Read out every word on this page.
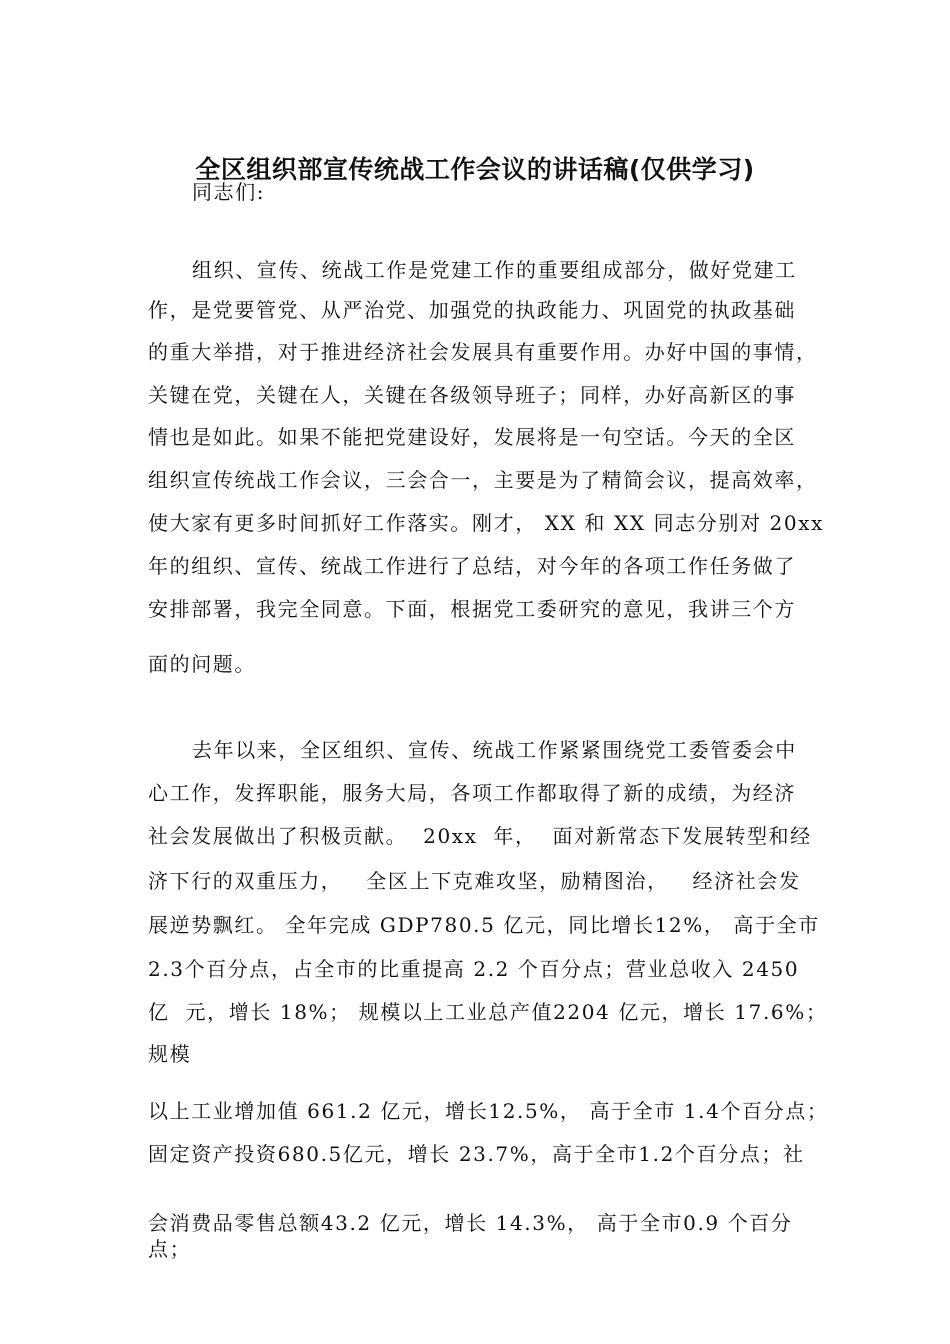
全区组织部宣传统战工作会议的讲话稿(仅供学习)
同志们:
组织、宣传、统战工作是党建工作的重要组成部分，做好党建工
作，是党要管党、从严治党、加强党的执政能力、巩固党的执政基础
的重大举措，对于推进经济社会发展具有重要作用。办好中国的事情，
关键在党，关键在人，关键在各级领导班子；同样，办好高新区的事
情也是如此。如果不能把党建设好，发展将是一句空话。今天的全区
组织宣传统战工作会议，三会合一，主要是为了精简会议，提高效率，
使大家有更多时间抓好工作落实。刚才， XX 和 XX 同志分别对 20xx
年的组织、宣传、统战工作进行了总结，对今年的各项工作任务做了
安排部署，我完全同意。下面，根据党工委研究的意见，我讲三个方
面的问题。
去年以来，全区组织、宣传、统战工作紧紧围绕党工委管委会中
心工作，发挥职能，服务大局，各项工作都取得了新的成绩，为经济
社会发展做出了积极贡献。  20xx  年，  面对新常态下发展转型和经
济下行的双重压力，   全区上下克难攻坚，励精图治，   经济社会发
展逆势飘红。 全年完成 GDP780.5 亿元，同比增长12%， 高于全市
2.3个百分点，占全市的比重提高 2.2 个百分点；营业总收入 2450
亿  元，增长 18%； 规模以上工业总产值2204 亿元，增长 17.6%；
规模
以上工业增加值 661.2 亿元，增长12.5%， 高于全市 1.4个百分点；
固定资产投资680.5亿元，增长 23.7%，高于全市1.2个百分点；社
会消费品零售总额43.2 亿元，增长 14.3%， 高于全市0.9 个百分
点；
